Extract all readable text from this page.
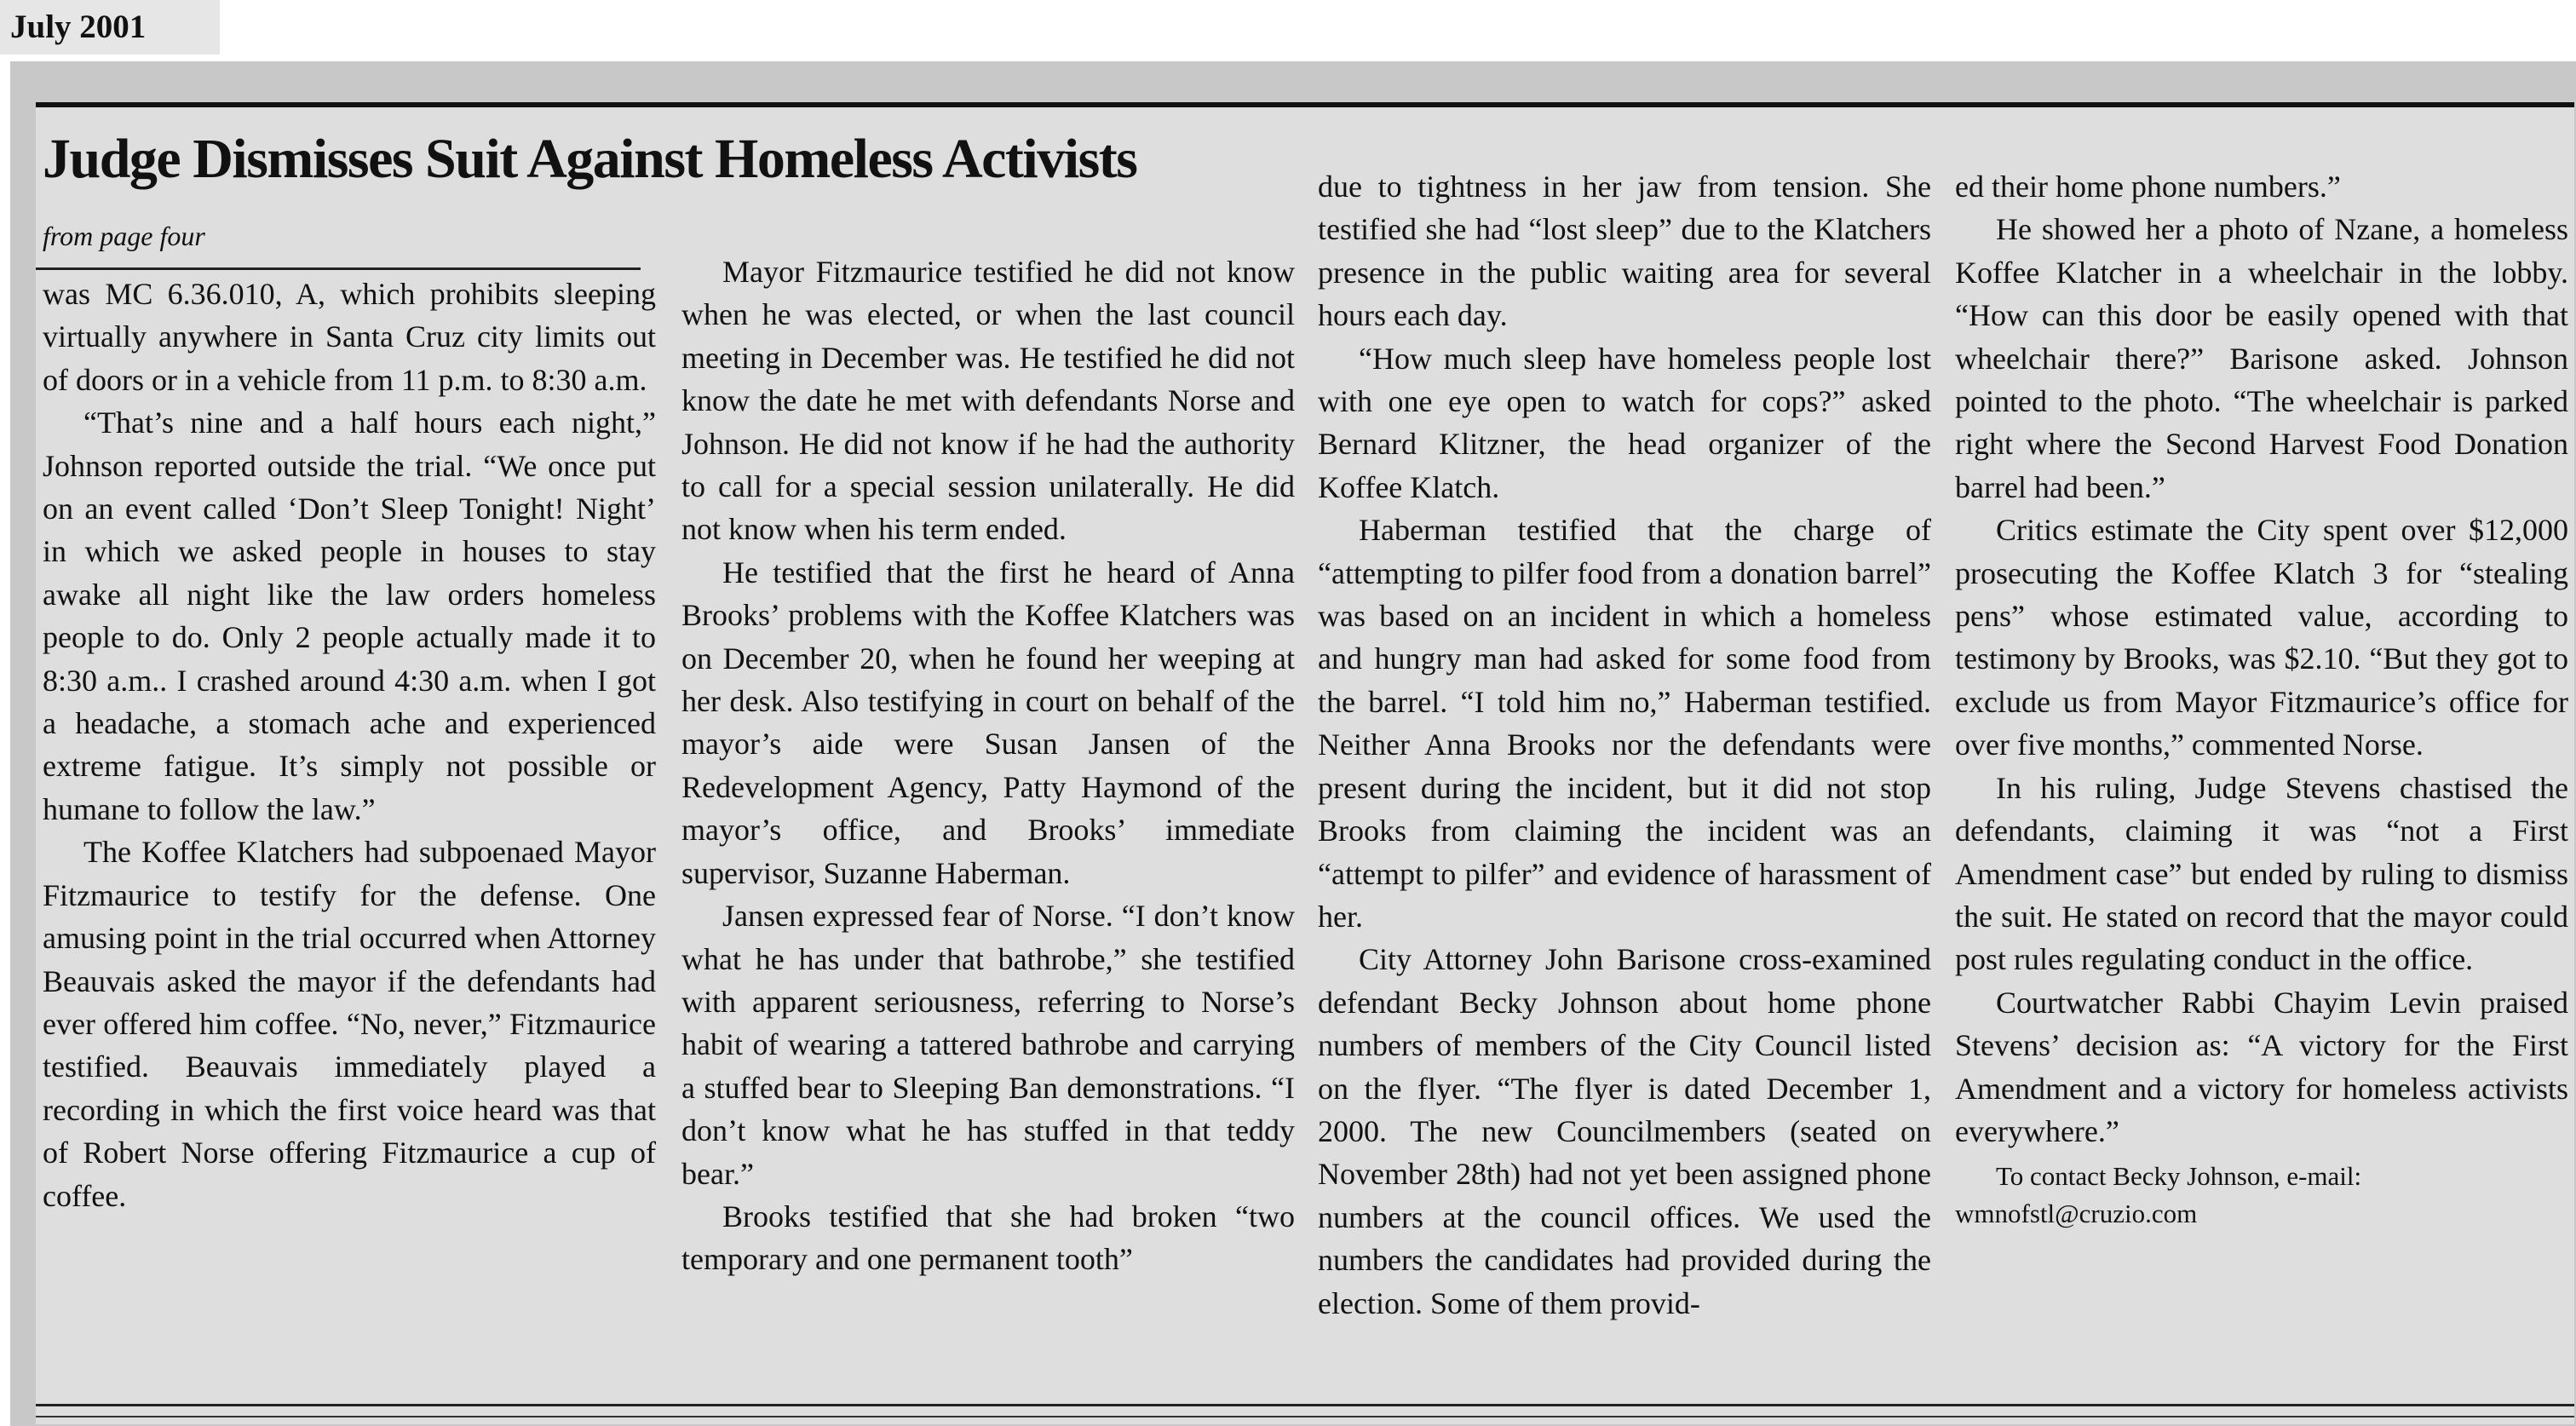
July 2001
Judge Dismisses Suit Against Homeless Activists
from page four

was MC 6.36.010, A, which prohibits sleeping virtually anywhere in Santa Cruz city limits out of doors or in a vehicle from 11 p.m. to 8:30 a.m.

“That’s nine and a half hours each night,” Johnson reported outside the trial. “We once put on an event called ‘Don’t Sleep Tonight! Night’ in which we asked people in houses to stay awake all night like the law orders homeless people to do. Only 2 people actually made it to 8:30 a.m.. I crashed around 4:30 a.m. when I got a headache, a stomach ache and experienced extreme fatigue. It’s simply not possible or humane to follow the law.”

The Koffee Klatchers had subpoenaed Mayor Fitzmaurice to testify for the defense. One amusing point in the trial occurred when Attorney Beauvais asked the mayor if the defendants had ever offered him coffee. “No, never,” Fitzmaurice testified. Beauvais immediately played a recording in which the first voice heard was that of Robert Norse offering Fitzmaurice a cup of coffee.

Mayor Fitzmaurice testified he did not know when he was elected, or when the last council meeting in December was. He testified he did not know the date he met with defendants Norse and Johnson. He did not know if he had the authority to call for a special session unilaterally. He did not know when his term ended.

He testified that the first he heard of Anna Brooks’ problems with the Koffee Klatchers was on December 20, when he found her weeping at her desk. Also testifying in court on behalf of the mayor’s aide were Susan Jansen of the Redevelopment Agency, Patty Haymond of the mayor’s office, and Brooks’ immediate supervisor, Suzanne Haberman.

Jansen expressed fear of Norse. “I don’t know what he has under that bathrobe,” she testified with apparent seriousness, referring to Norse’s habit of wearing a tattered bathrobe and carrying a stuffed bear to Sleeping Ban demonstrations. “I don’t know what he has stuffed in that teddy bear.”

Brooks testified that she had broken “two temporary and one permanent tooth”

due to tightness in her jaw from tension. She testified she had “lost sleep” due to the Klatchers presence in the public waiting area for several hours each day.

“How much sleep have homeless people lost with one eye open to watch for cops?” asked Bernard Klitzner, the head organizer of the Koffee Klatch.

Haberman testified that the charge of “attempting to pilfer food from a donation barrel” was based on an incident in which a homeless and hungry man had asked for some food from the barrel. “I told him no,” Haberman testified. Neither Anna Brooks nor the defendants were present during the incident, but it did not stop Brooks from claiming the incident was an “attempt to pilfer” and evidence of harassment of her.

City Attorney John Barisone cross-examined defendant Becky Johnson about home phone numbers of members of the City Council listed on the flyer. “The flyer is dated December 1, 2000. The new Councilmembers (seated on November 28th) had not yet been assigned phone numbers at the council offices. We used the numbers the candidates had provided during the election. Some of them provid-

ed their home phone numbers.”

He showed her a photo of Nzane, a homeless Koffee Klatcher in a wheelchair in the lobby. “How can this door be easily opened with that wheelchair there?” Barisone asked. Johnson pointed to the photo. “The wheelchair is parked right where the Second Harvest Food Donation barrel had been.”

Critics estimate the City spent over $12,000 prosecuting the Koffee Klatch 3 for “stealing pens” whose estimated value, according to testimony by Brooks, was $2.10. “But they got to exclude us from Mayor Fitzmaurice’s office for over five months,” commented Norse.

In his ruling, Judge Stevens chastised the defendants, claiming it was “not a First Amendment case” but ended by ruling to dismiss the suit. He stated on record that the mayor could post rules regulating conduct in the office.

Courtwatcher Rabbi Chayim Levin praised Stevens’ decision as: “A victory for the First Amendment and a victory for homeless activists everywhere.”

To contact Becky Johnson, e-mail: wmnofstl@cruzio.com
